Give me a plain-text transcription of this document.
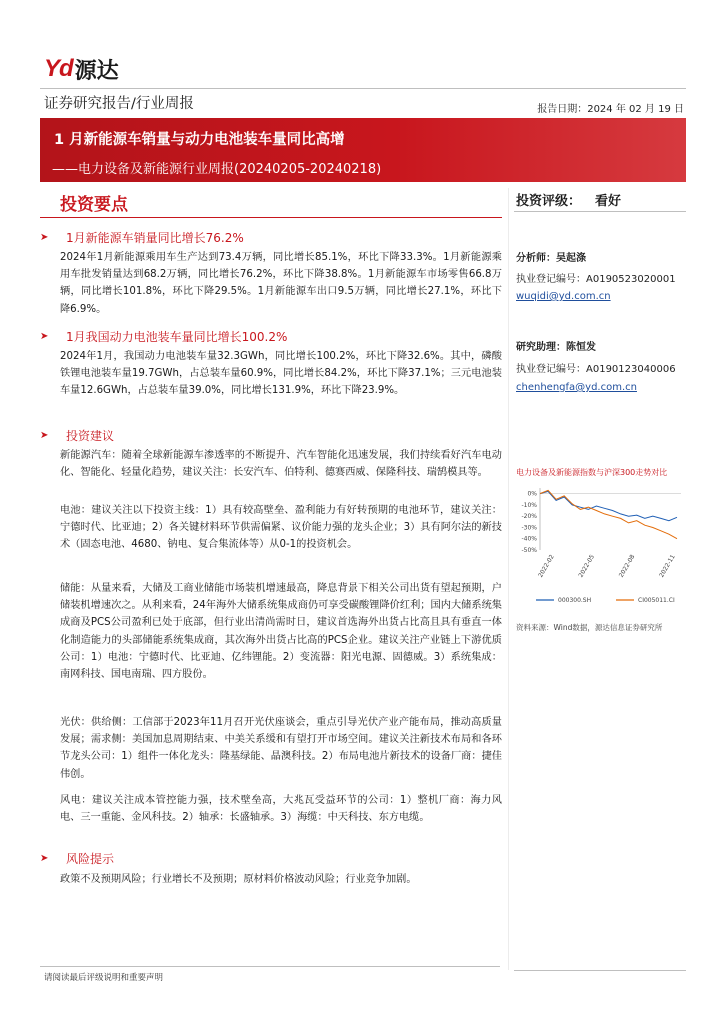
Yd 源达
证券研究报告/行业周报	报告日期：2024 年 02 月 19 日
1 月新能源车销量与动力电池装车量同比高增
——电力设备及新能源行业周报(20240205-20240218)
投资要点
➤	1月新能源车销量同比增长76.2%
2024年1月新能源乘用车生产达到73.4万辆，同比增长85.1%，环比下降33.3%。1月新能源乘用车批发销量达到68.2万辆，同比增长76.2%，环比下降38.8%。1月新能源车市场零售66.8万辆，同比增长101.8%，环比下降29.5%。1月新能源车出口9.5万辆，同比增长27.1%，环比下降6.9%。
➤	1月我国动力电池装车量同比增长100.2%
2024年1月，我国动力电池装车量32.3GWh，同比增长100.2%，环比下降32.6%。其中，磷酸铁锂电池装车量19.7GWh，占总装车量60.9%，同比增长84.2%，环比下降37.1%；三元电池装车量12.6GWh，占总装车量39.0%，同比增长131.9%，环比下降23.9%。
➤	投资建议
新能源汽车：随着全球新能源车渗透率的不断提升、汽车智能化迅速发展，我们持续看好汽车电动化、智能化、轻量化趋势，建议关注：长安汽车、伯特利、德赛西威、保隆科技、瑞鹄模具等。
电池：建议关注以下投资主线：1）具有较高壁垒、盈利能力有好转预期的电池环节，建议关注：宁德时代、比亚迪；2）各关键材料环节供需偏紧、议价能力强的龙头企业；3）具有阿尔法的新技术（固态电池、4680、钠电、复合集流体等）从0-1的投资机会。
储能：从量来看，大储及工商业储能市场装机增速最高，降息背景下相关公司出货有望起预期，户储装机增速次之。从利来看，24年海外大储系统集成商仍可享受碳酸锂降价红利；国内大储系统集成商及PCS公司盈利已处于底部，但行业出清尚需时日，建议首选海外出货占比高且具有垂直一体化制造能力的头部储能系统集成商，其次海外出货占比高的PCS企业。建议关注产业链上下游优质公司：1）电池：宁德时代、比亚迪、亿纬锂能。2）变流器：阳光电源、固德威。3）系统集成：南网科技、国电南瑞、四方股份。
光伏：供给侧：工信部于2023年11月召开光伏座谈会，重点引导光伏产业产能布局，推动高质量发展；需求侧：美国加息周期结束、中美关系缓和有望打开市场空间。建议关注新技术布局和各环节龙头公司：1）组件一体化龙头：隆基绿能、晶澳科技。2）布局电池片新技术的设备厂商：捷佳伟创。
风电：建议关注成本管控能力强，技术壁垒高，大兆瓦受益环节的公司：1）整机厂商：海力风电、三一重能、金风科技。2）轴承：长盛轴承。3）海缆：中天科技、东方电缆。
➤	风险提示
政策不及预期风险；行业增长不及预期；原材料价格波动风险；行业竞争加剧。
投资评级： 看好
分析师：吴起涤
执业登记编号：A0190523020001
wuqidi@yd.com.cn
研究助理：陈恒发
执业登记编号：A0190123040006
chenhengfa@yd.com.cn
电力设备及新能源指数与沪深300走势对比
0%
-10%
-20%
-30%
-40%
-50%
2022-02	2022-05	2022-08	2022-11
000300.SH	CI005011.CI
资料来源：Wind数据，源达信息证券研究所
请阅读最后评级说明和重要声明
